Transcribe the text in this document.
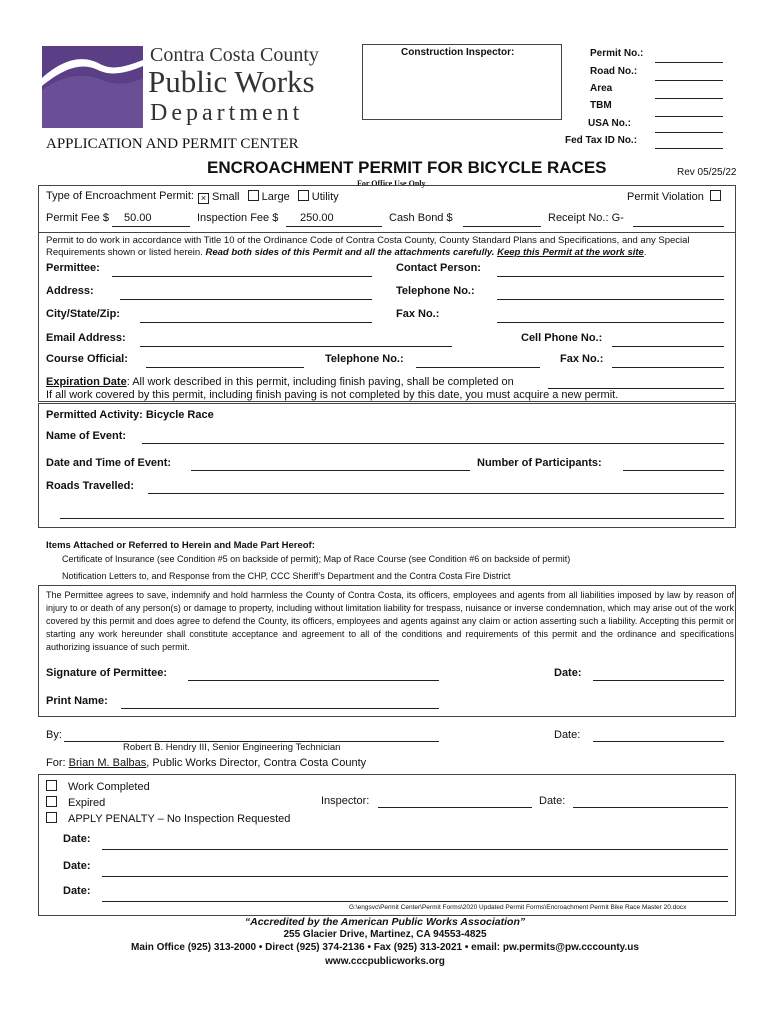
Contra Costa County
Public Works
Department
APPLICATION AND PERMIT CENTER
Construction Inspector:	Permit No.:
Road No.:
Area
TBM
USA No.:
Fed Tax ID No.:
ENCROACHMENT PERMIT FOR BICYCLE RACES	Rev 05/25/22
For Office Use Only
Type of Encroachment Permit: × Small Large Utility	Permit Violation
Permit Fee $ 50.00	Inspection Fee $ 250.00	Cash Bond $	Receipt No.: G-
Permit to do work in accordance with Title 10 of the Ordinance Code of Contra Costa County, County Standard Plans and Specifications, and any Special
Requirements shown or listed herein. Read both sides of this Permit and all the attachments carefully. Keep this Permit at the work site.
Permittee:	Contact Person:
Address:	Telephone No.:
City/State/Zip:	Fax No.:
Email Address:	Cell Phone No.:
Course Official:	Telephone No.:	Fax No.:
Expiration Date: All work described in this permit, including finish paving, shall be completed on
If all work covered by this permit, including finish paving is not completed by this date, you must acquire a new permit.
Permitted Activity: Bicycle Race
Name of Event:
Date and Time of Event:	Number of Participants:
Roads Travelled:
Items Attached or Referred to Herein and Made Part Hereof:
Certificate of Insurance (see Condition #5 on backside of permit); Map of Race Course (see Condition #6 on backside of permit)
Notification Letters to, and Response from the CHP, CCC Sheriff’s Department and the Contra Costa Fire District
The Permittee agrees to save, indemnify and hold harmless the County of Contra Costa, its officers, employees and agents from all liabilities imposed by law by reason of injury to or death of any person(s) or damage to property, including without limitation liability for trespass, nuisance or inverse condemnation, which may arise out of the work covered by this permit and does agree to defend the County, its officers, employees and agents against any claim or action asserting such a liability. Accepting this permit or starting any work hereunder shall constitute acceptance and agreement to all of the conditions and requirements of this permit and the ordinance and specifications authorizing issuance of such permit.
Signature of Permittee:	Date:
Print Name:
By:	Date:
Robert B. Hendry III, Senior Engineering Technician
For: Brian M. Balbas, Public Works Director, Contra Costa County
Work Completed
Expired
APPLY PENALTY – No Inspection Requested
Inspector:	Date:
Date:
Date:
Date:
G:\engsvc\Permit Center\Permit Forms\2020 Updated Permit Forms\Encroachment Permit Bike Race Master 20.docx
“Accredited by the American Public Works Association”
255 Glacier Drive, Martinez, CA 94553-4825
Main Office (925) 313-2000 • Direct (925) 374-2136 • Fax (925) 313-2021 • email: pw.permits@pw.cccounty.us
www.cccpublicworks.org
